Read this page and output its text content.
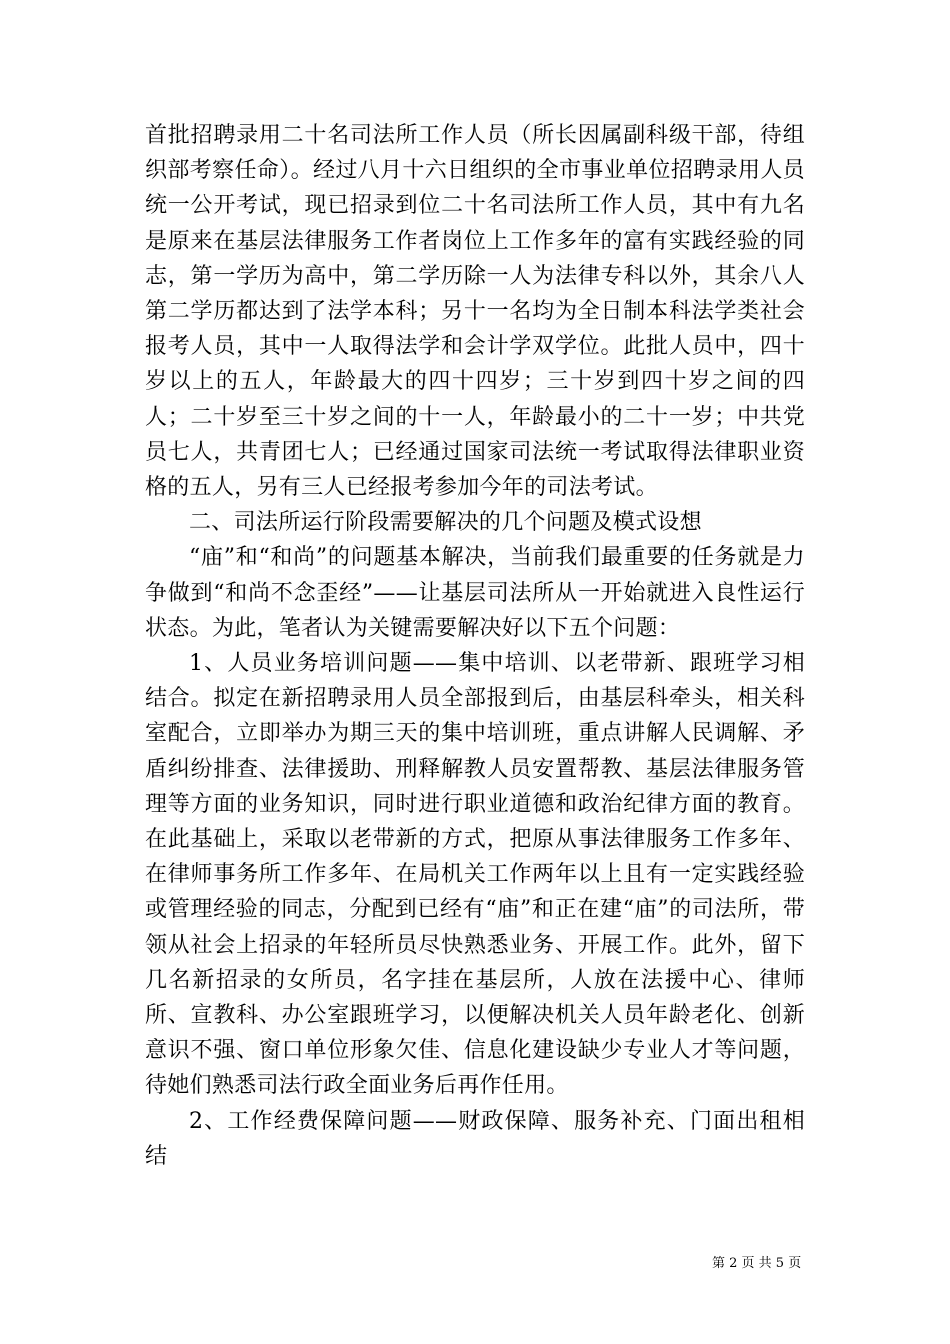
首批招聘录用二十名司法所工作人员（所长因属副科级干部，待组织部考察任命）。经过八月十六日组织的全市事业单位招聘录用人员统一公开考试，现已招录到位二十名司法所工作人员，其中有九名是原来在基层法律服务工作者岗位上工作多年的富有实践经验的同志，第一学历为高中，第二学历除一人为法律专科以外，其余八人第二学历都达到了法学本科；另十一名均为全日制本科法学类社会报考人员，其中一人取得法学和会计学双学位。此批人员中，四十岁以上的五人，年龄最大的四十四岁；三十岁到四十岁之间的四人；二十岁至三十岁之间的十一人，年龄最小的二十一岁；中共党员七人，共青团七人；已经通过国家司法统一考试取得法律职业资格的五人，另有三人已经报考参加今年的司法考试。

二、司法所运行阶段需要解决的几个问题及模式设想

“庙”和“和尚”的问题基本解决，当前我们最重要的任务就是力争做到“和尚不念歪经”——让基层司法所从一开始就进入良性运行状态。为此，笔者认为关键需要解决好以下五个问题：

1、人员业务培训问题——集中培训、以老带新、跟班学习相结合。拟定在新招聘录用人员全部报到后，由基层科牵头，相关科室配合，立即举办为期三天的集中培训班，重点讲解人民调解、矛盾纠纷排查、法律援助、刑释解教人员安置帮教、基层法律服务管理等方面的业务知识，同时进行职业道德和政治纪律方面的教育。在此基础上，采取以老带新的方式，把原从事法律服务工作多年、在律师事务所工作多年、在局机关工作两年以上且有一定实践经验或管理经验的同志，分配到已经有“庙”和正在建“庙”的司法所，带领从社会上招录的年轻所员尽快熟悉业务、开展工作。此外，留下几名新招录的女所员，名字挂在基层所，人放在法援中心、律师所、宣教科、办公室跟班学习，以便解决机关人员年龄老化、创新意识不强、窗口单位形象欠佳、信息化建设缺少专业人才等问题，待她们熟悉司法行政全面业务后再作任用。

2、工作经费保障问题——财政保障、服务补充、门面出租相结

第 2 页 共 5 页
